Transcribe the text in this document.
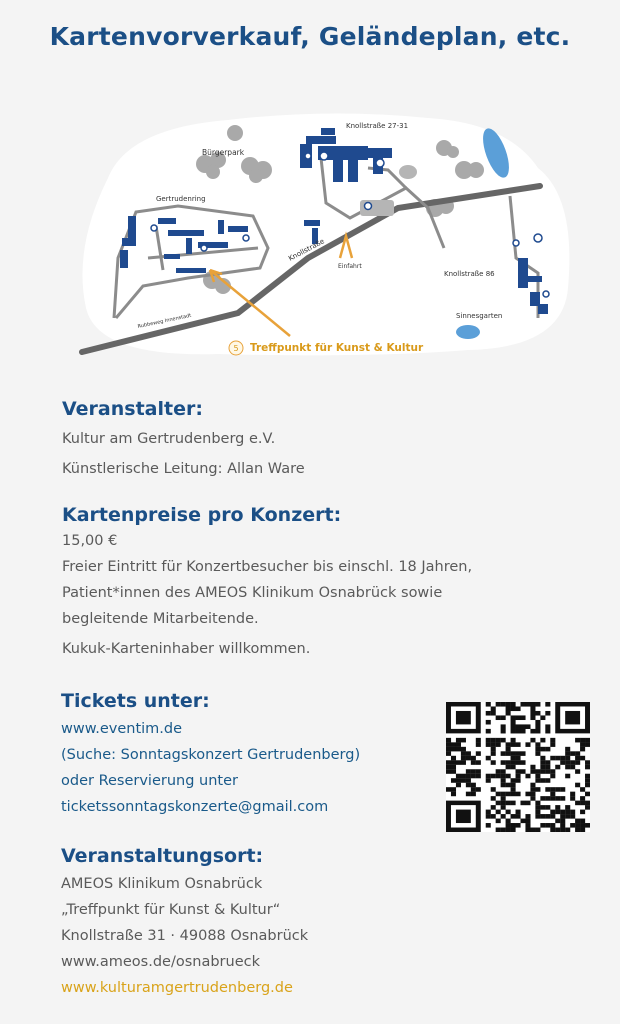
Kartenvorverkauf, Geländeplan, etc.
Knollstraße 27-31
Bürgerpark
Gertrudenring
Knollstraße
Einfahrt
Knollstraße 86
Sinnesgarten
Rubbeweg Innenstadt
5 Treffpunkt für Kunst & Kultur
Veranstalter:
Kultur am Gertrudenberg e.V.
Künstlerische Leitung: Allan Ware
Kartenpreise pro Konzert:
15,00 €
Freier Eintritt für Konzertbesucher bis einschl. 18 Jahren,
Patient*innen des AMEOS Klinikum Osnabrück sowie
begleitende Mitarbeitende.
Kukuk-Karteninhaber willkommen.
Tickets unter:
www.eventim.de
(Suche: Sonntagskonzert Gertrudenberg)
oder Reservierung unter
ticketssonntagskonzerte@gmail.com
Veranstaltungsort:
AMEOS Klinikum Osnabrück
„Treffpunkt für Kunst & Kultur“
Knollstraße 31 · 49088 Osnabrück
www.ameos.de/osnabrueck
www.kulturamgertrudenberg.de
